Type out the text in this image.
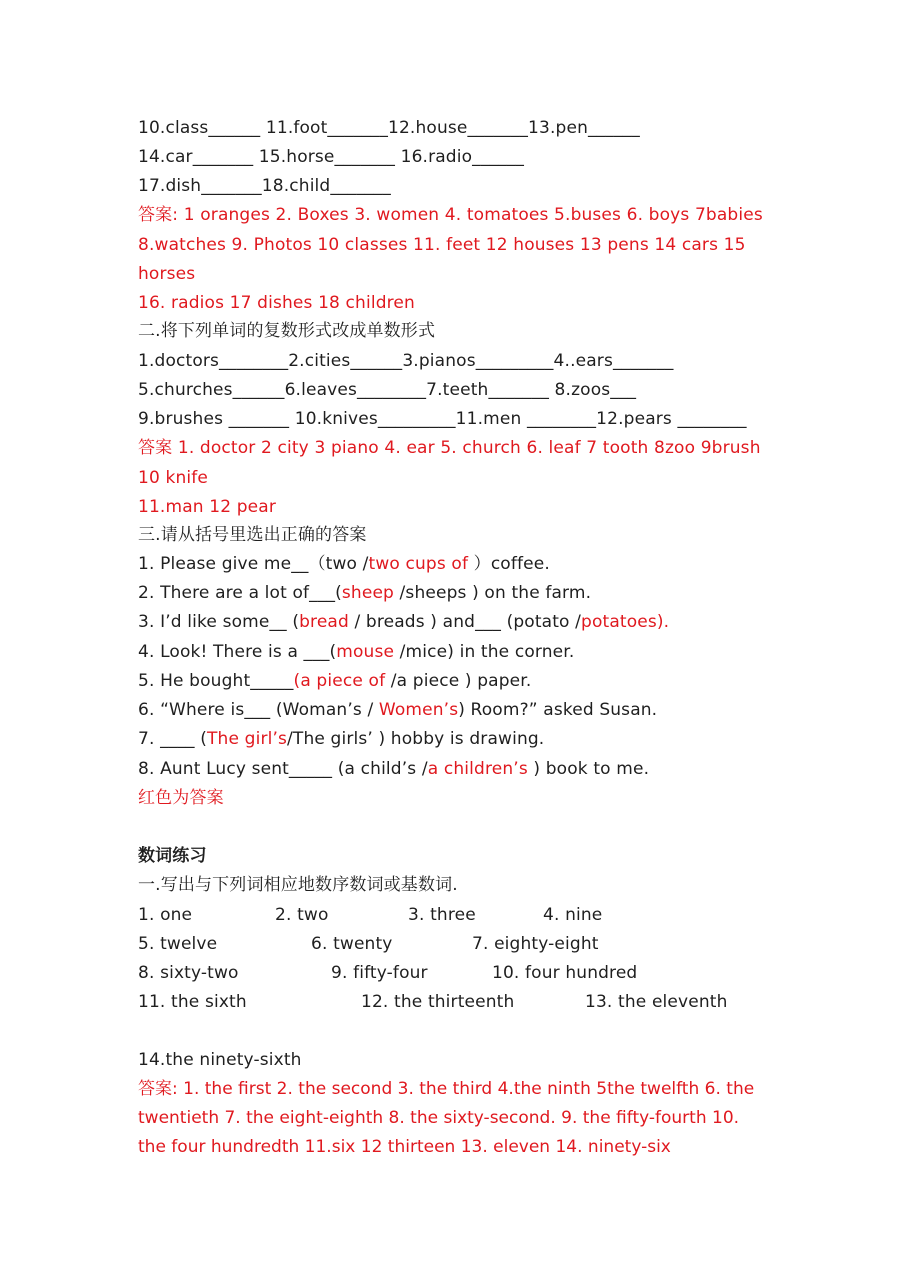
10.class______ 11.foot_______12.house_______13.pen______
14.car_______ 15.horse_______ 16.radio______
17.dish_______18.child_______
答案: 1 oranges 2. Boxes 3. women 4. tomatoes 5.buses 6. boys 7babies
8.watches 9. Photos 10 classes 11. feet 12 houses 13 pens 14 cars 15
horses
16. radios 17 dishes 18 children
二.将下列单词的复数形式改成单数形式
1.doctors________2.cities______3.pianos_________4..ears_______
5.churches______6.leaves________7.teeth_______ 8.zoos___
9.brushes _______ 10.knives_________11.men ________12.pears ________
答案 1. doctor 2 city 3 piano 4. ear 5. church 6. leaf 7 tooth 8zoo 9brush
10 knife
11.man 12 pear
三.请从括号里选出正确的答案
1. Please give me__（two /two cups of ）coffee.
2. There are a lot of___(sheep /sheeps ) on the farm.
3. I’d like some__ (bread / breads ) and___ (potato /potatoes).
4. Look! There is a ___(mouse /mice) in the corner.
5. He bought_____(a piece of /a piece ) paper.
6. “Where is___ (Woman’s / Women’s) Room?” asked Susan.
7. ____ (The girl’s/The girls’ ) hobby is drawing.
8. Aunt Lucy sent_____ (a child’s /a children’s ) book to me.
红色为答案
数词练习
一.写出与下列词相应地数序数词或基数词.
1. one	2. two	3. three	4. nine
5. twelve	6. twenty	7. eighty-eight
8. sixty-two	9. fifty-four	10. four hundred
11. the sixth	12. the thirteenth	13. the eleventh
14.the ninety-sixth
答案: 1. the first 2. the second 3. the third 4.the ninth 5the twelfth 6. the
twentieth 7. the eight-eighth 8. the sixty-second. 9. the fifty-fourth 10.
the four hundredth 11.six 12 thirteen 13. eleven 14. ninety-six
